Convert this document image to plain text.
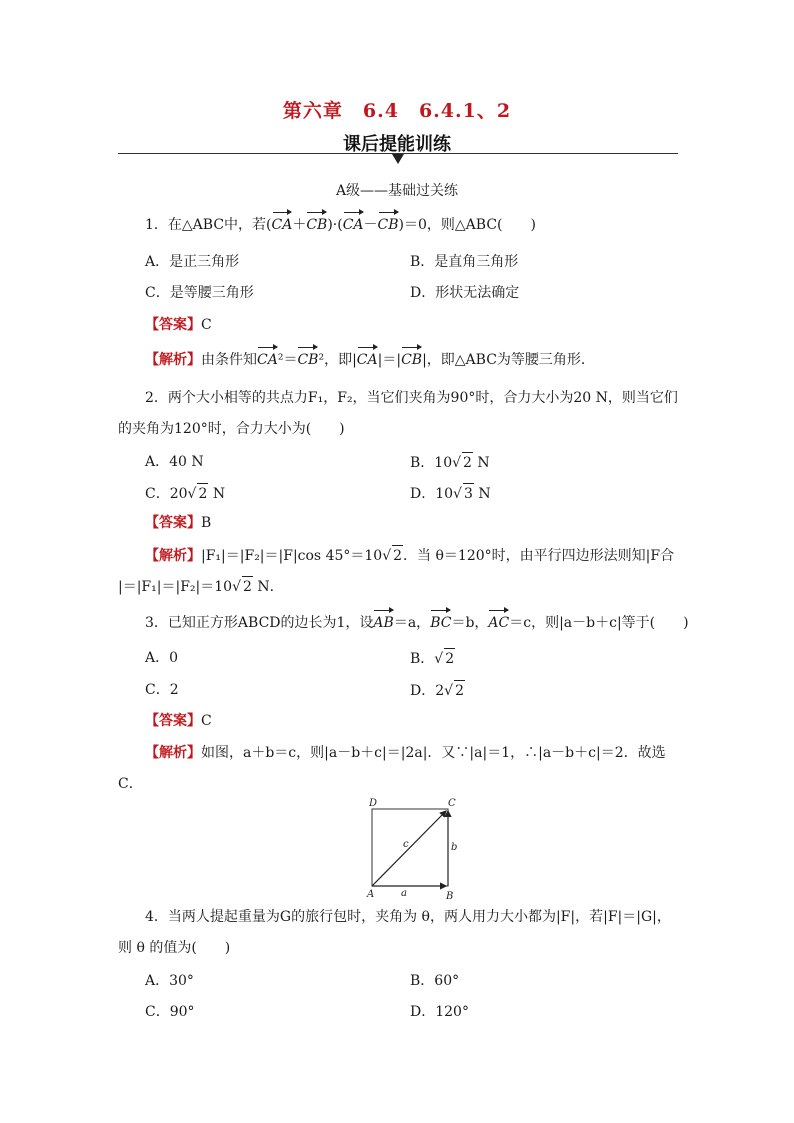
第六章　6.4　6.4.1、2
课后提能训练
A级——基础过关练
1．在△ABC中，若(CA＋CB)·(CA－CB)＝0，则△ABC(　　)
A．是正三角形	B．是直角三角形
C．是等腰三角形	D．形状无法确定
【答案】C
【解析】由条件知CA²＝CB²，即|CA|＝|CB|，即△ABC为等腰三角形．
2．两个大小相等的共点力F₁，F₂，当它们夹角为90°时，合力大小为20 N，则当它们
的夹角为120°时，合力大小为(　　)
A．40 N	B．10√ 2 N
C．20√ 2 N	D．10√ 3 N
【答案】B
【解析】|F₁|＝|F₂|＝|F|cos 45°＝10√ 2．当 θ＝120°时，由平行四边形法则知|F合
|＝|F₁|＝|F₂|＝10√ 2 N．
3．已知正方形ABCD的边长为1，设AB＝a，BC＝b，AC＝c，则|a－b＋c|等于(　　)
A．0	B．√ 2
C．2	D．2√ 2
【答案】C
【解析】如图，a＋b＝c，则|a－b＋c|＝|2a|．又∵|a|＝1，∴|a－b＋c|＝2．故选
C．
D	C
c	b
A	a	B
4．当两人提起重量为G的旅行包时，夹角为 θ，两人用力大小都为|F|，若|F|＝|G|，
则 θ 的值为(　　)
A．30°	B．60°
C．90°	D．120°
